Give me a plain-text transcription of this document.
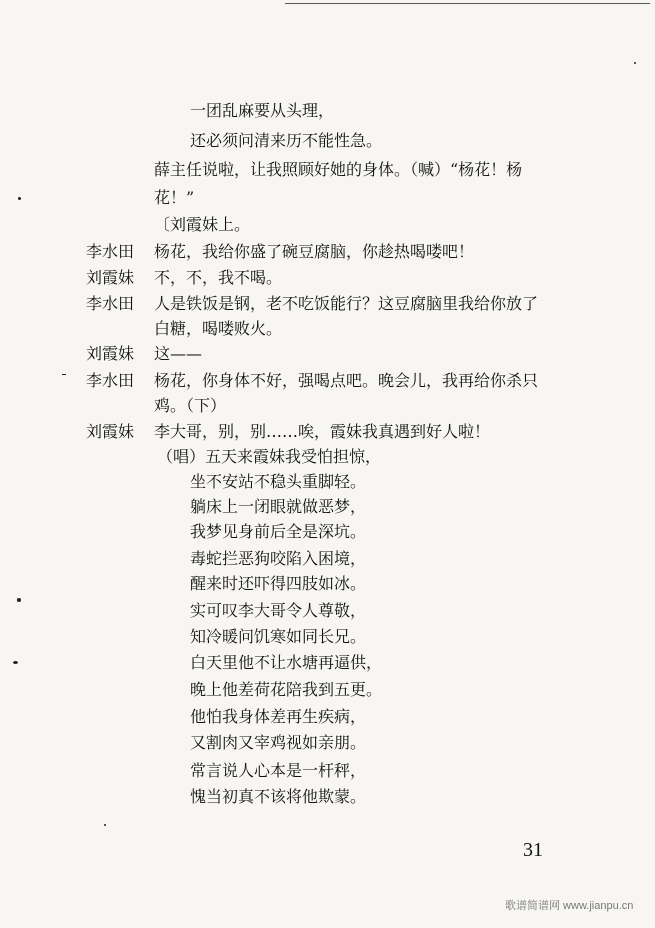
一团乱麻要从头理，
还必须问清来历不能性急。
薛主任说啦，让我照顾好她的身体。（喊）“杨花！杨
花！”
〔刘霞妹上。
李水田 杨花，我给你盛了碗豆腐脑，你趁热喝喽吧！
刘霞妹 不，不，我不喝。
李水田 人是铁饭是钢，老不吃饭能行？这豆腐脑里我给你放了
白糖，喝喽败火。
刘霞妹 这——
李水田 杨花，你身体不好，强喝点吧。晚会儿，我再给你杀只
鸡。（下）
刘霞妹 李大哥，别，别……唉，霞妹我真遇到好人啦！
（唱）五天来霞妹我受怕担惊，
坐不安站不稳头重脚轻。
躺床上一闭眼就做恶梦，
我梦见身前后全是深坑。
毒蛇拦恶狗咬陷入困境，
醒来时还吓得四肢如冰。
实可叹李大哥令人尊敬，
知冷暖问饥寒如同长兄。
白天里他不让水塘再逼供，
晚上他差荷花陪我到五更。
他怕我身体差再生疾病，
又割肉又宰鸡视如亲朋。
常言说人心本是一杆秤，
愧当初真不该将他欺蒙。
31
歌谱简谱网 www.jianpu.cn
